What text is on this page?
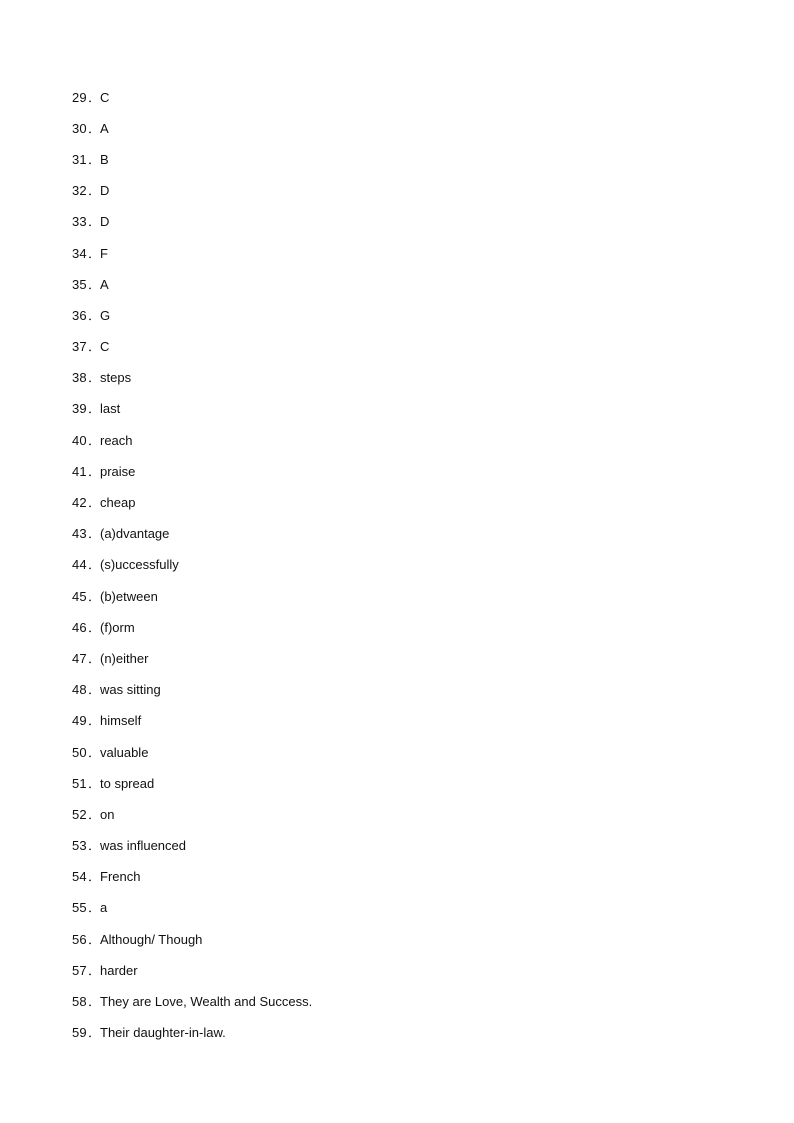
29 ．
C
30 ．
A
31 ．
B
32 ．
D
33 ．
D
34 ．
F
35 ．
A
36 ．
G
37 ．
C
38 ．
steps
39 ．
last
40 ．
reach
41 ．
praise
42 ．
cheap
43 ．
(a)dvantage
44 ．
(s)uccessfully
45 ．
(b)etween
46 ．
(f)orm
47 ．
(n)either
48 ．
was sitting
49 ．
himself
50 ．
valuable
51 ．
to spread
52 ．
on
53 ．
was influenced
54 ．
French
55 ．
a
56 ．
Although/ Though
57 ．
harder
58 ．
They are Love, Wealth and Success.
59 ．
Their daughter-in-law.
